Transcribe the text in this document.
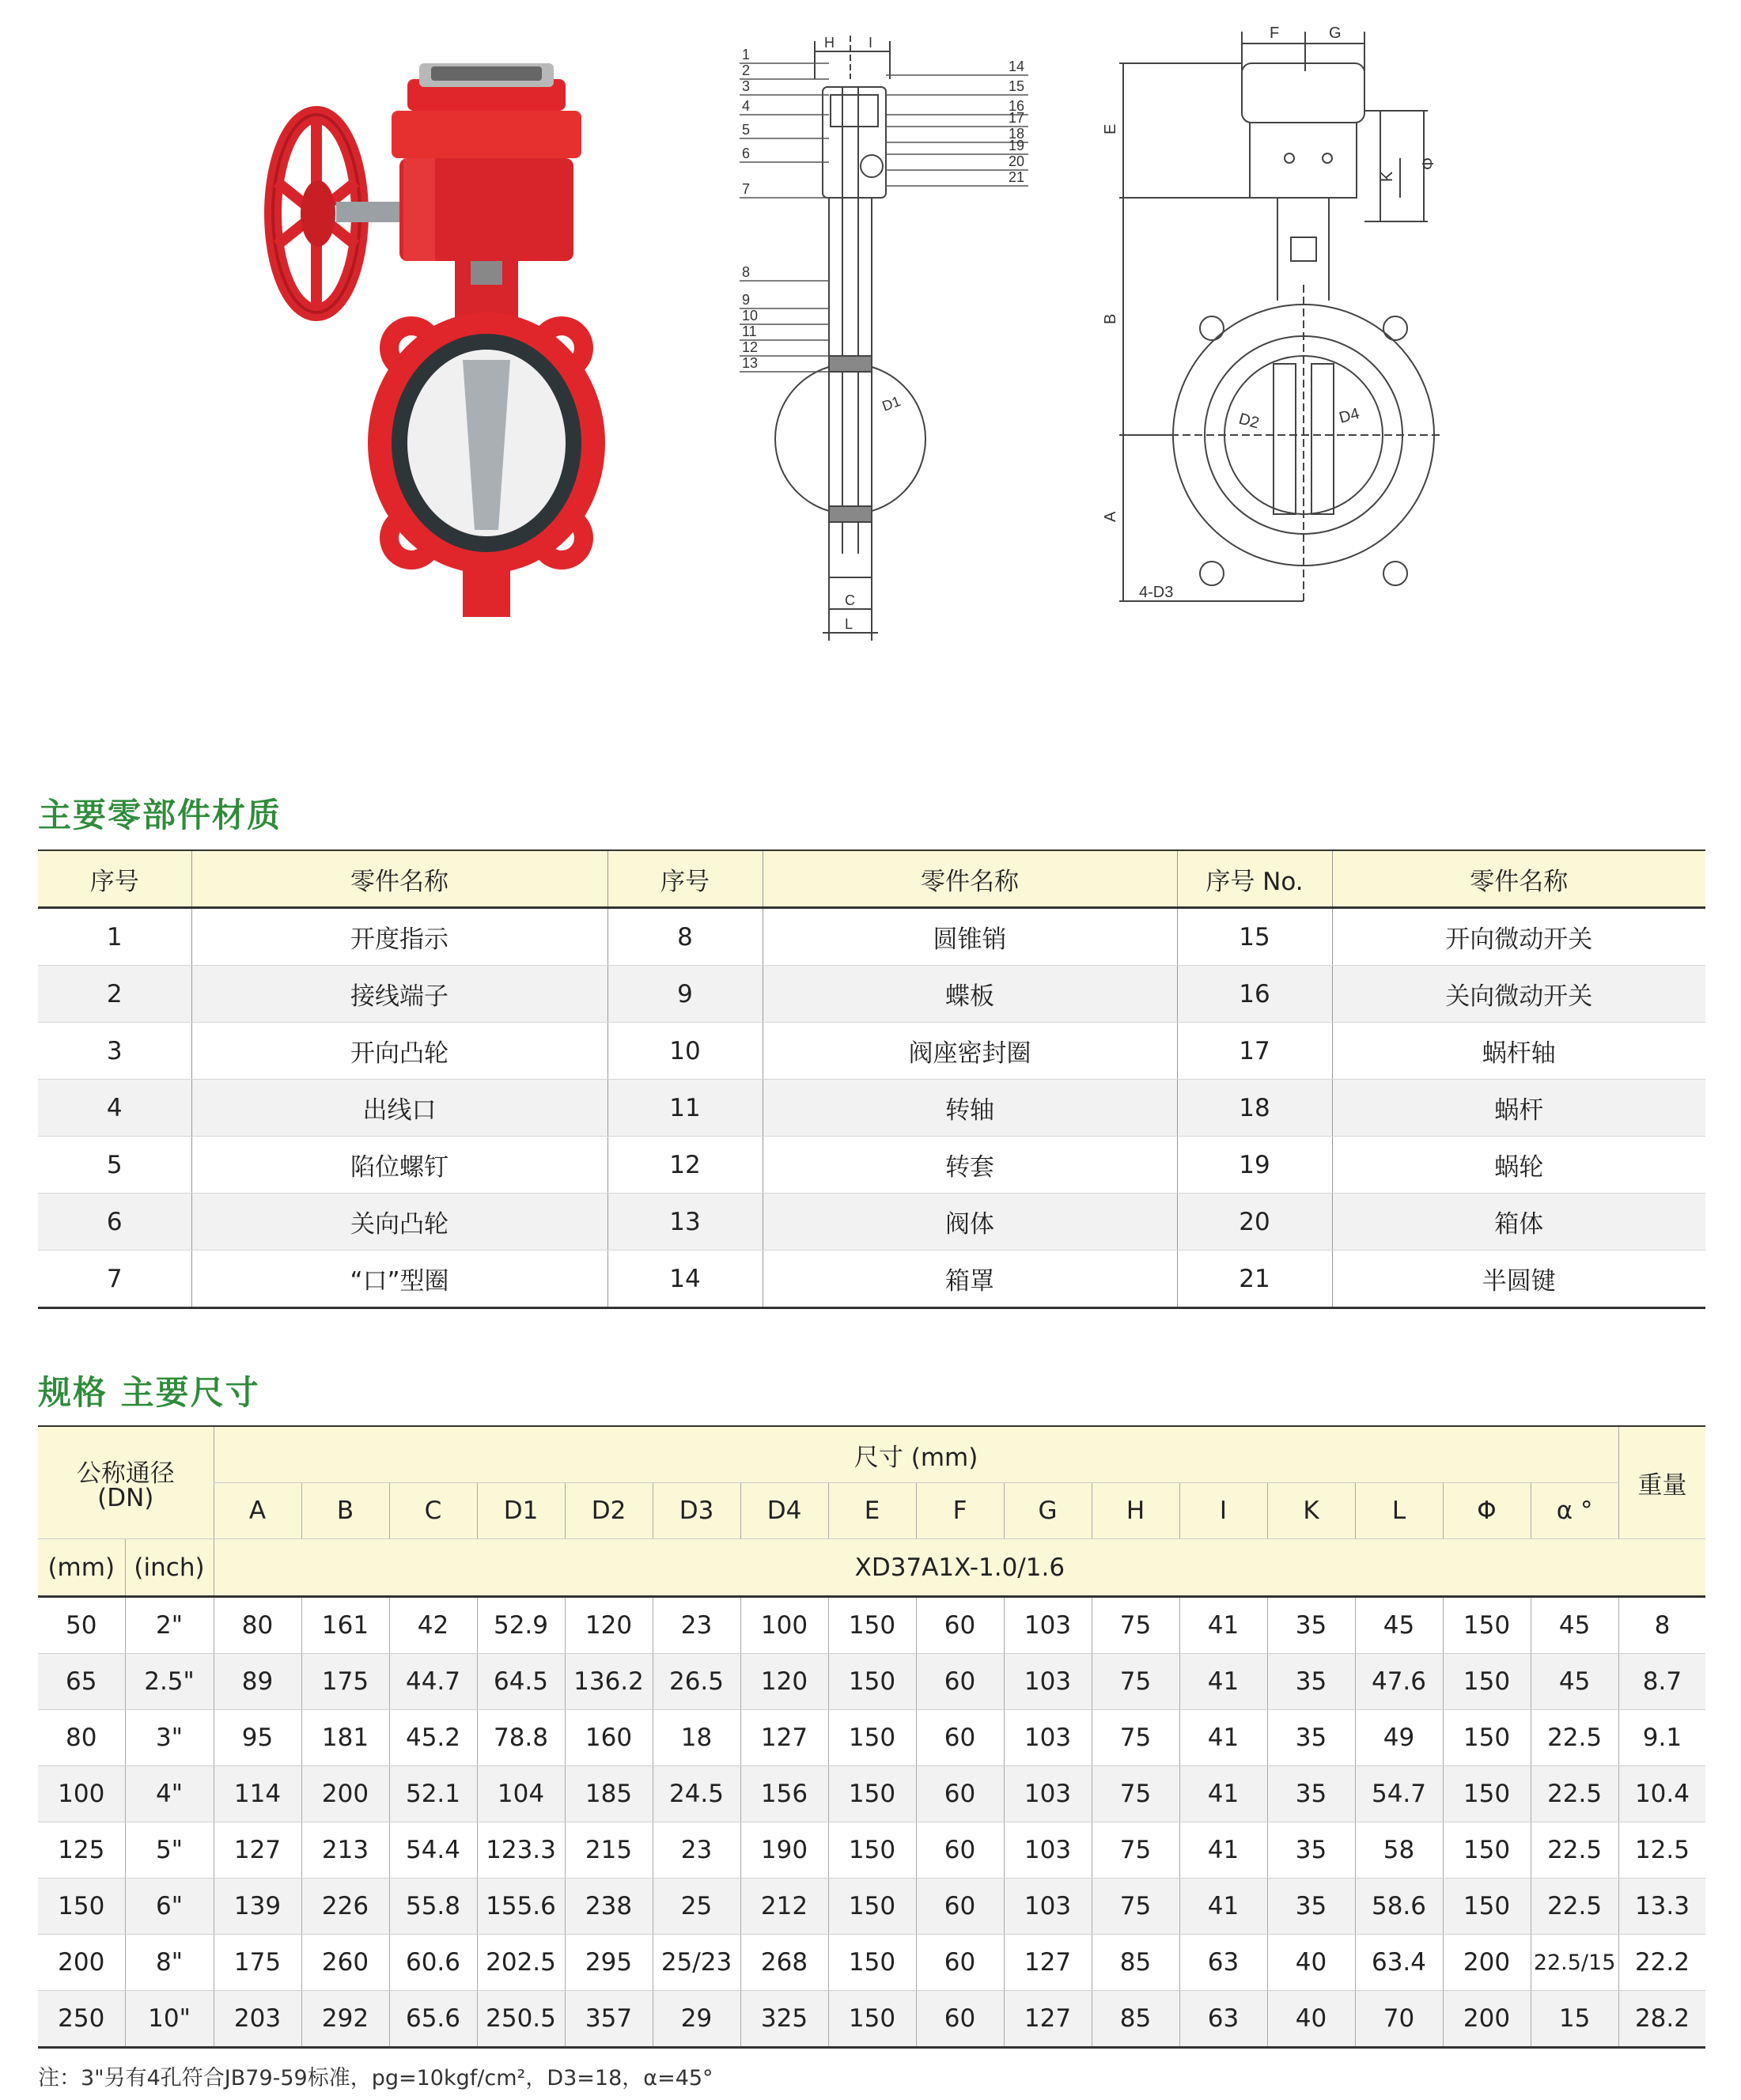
H I
C
L
D1
1
2
3
4
5
6
7
8
9
10
11
12
13
14
15
16
17
18
19
20
21
F	G
E
B
A
K
Φ
D2	D4
4-D3
主要零部件材质
序号	零件名称	序号	零件名称	序号 No.	零件名称
1	开度指示	8	圆锥销	15	开向微动开关
2	接线端子	9	蝶板	16	关向微动开关
3	开向凸轮	10	阀座密封圈	17	蜗杆轴
4	出线口	11	转轴	18	蜗杆
5	陷位螺钉	12	转套	19	蜗轮
6	关向凸轮	13	阀体	20	箱体
7	“口”型圈	14	箱罩	21	半圆键
规格 主要尺寸
公称通径
(DN)		尺寸 (mm)																重量
		A	B	C	D1	D2	D3	D4	E	F	G	H	I	K	L	Φ	α °	
(mm)	(inch)	XD37A1X-1.0/1.6																
50	2"	80	161	42	52.9	120	23	100	150	60	103	75	41	35	45	150	45	8
65	2.5"	89	175	44.7	64.5	136.2	26.5	120	150	60	103	75	41	35	47.6	150	45	8.7
80	3"	95	181	45.2	78.8	160	18	127	150	60	103	75	41	35	49	150	22.5	9.1
100	4"	114	200	52.1	104	185	24.5	156	150	60	103	75	41	35	54.7	150	22.5	10.4
125	5"	127	213	54.4	123.3	215	23	190	150	60	103	75	41	35	58	150	22.5	12.5
150	6"	139	226	55.8	155.6	238	25	212	150	60	103	75	41	35	58.6	150	22.5	13.3
200	8"	175	260	60.6	202.5	295	25/23	268	150	60	127	85	63	40	63.4	200	22.5/15	22.2
250	10"	203	292	65.6	250.5	357	29	325	150	60	127	85	63	40	70	200	15	28.2
注：3"另有4孔符合JB79-59标准，pg=10kgf/cm²，D3=18，α=45°
